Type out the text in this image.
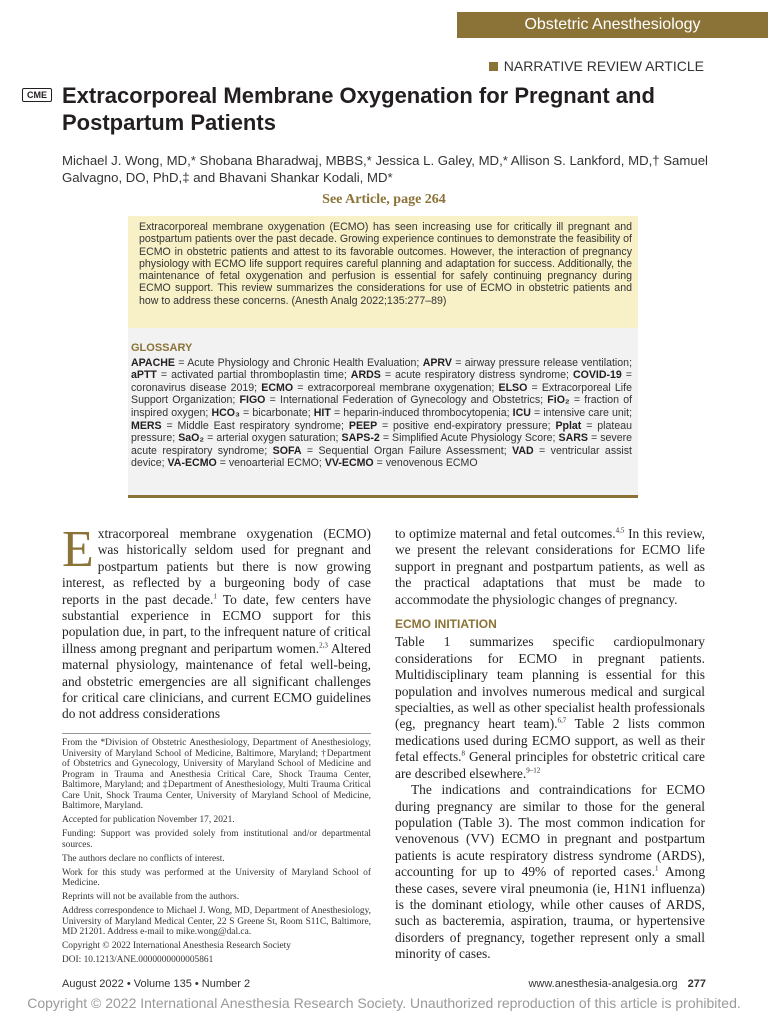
Obstetric Anesthesiology
NARRATIVE REVIEW ARTICLE
CME Extracorporeal Membrane Oxygenation for Pregnant and Postpartum Patients
Michael J. Wong, MD,* Shobana Bharadwaj, MBBS,* Jessica L. Galey, MD,* Allison S. Lankford, MD,† Samuel Galvagno, DO, PhD,‡ and Bhavani Shankar Kodali, MD*
See Article, page 264
Extracorporeal membrane oxygenation (ECMO) has seen increasing use for critically ill pregnant and postpartum patients over the past decade. Growing experience continues to demonstrate the feasibility of ECMO in obstetric patients and attest to its favorable outcomes. However, the interaction of pregnancy physiology with ECMO life support requires careful planning and adaptation for success. Additionally, the maintenance of fetal oxygenation and perfusion is essential for safely continuing pregnancy during ECMO support. This review summarizes the considerations for use of ECMO in obstetric patients and how to address these concerns. (Anesth Analg 2022;135:277–89)
GLOSSARY
APACHE = Acute Physiology and Chronic Health Evaluation; APRV = airway pressure release ventilation; aPTT = activated partial thromboplastin time; ARDS = acute respiratory distress syndrome; COVID-19 = coronavirus disease 2019; ECMO = extracorporeal membrane oxygenation; ELSO = Extracorporeal Life Support Organization; FIGO = International Federation of Gynecology and Obstetrics; FiO₂ = fraction of inspired oxygen; HCO₃ = bicarbonate; HIT = heparin-induced thrombocytopenia; ICU = intensive care unit; MERS = Middle East respiratory syndrome; PEEP = positive end-expiratory pressure; Pplat = plateau pressure; SaO₂ = arterial oxygen saturation; SAPS-2 = Simplified Acute Physiology Score; SARS = severe acute respiratory syndrome; SOFA = Sequential Organ Failure Assessment; VAD = ventricular assist device; VA-ECMO = venoarterial ECMO; VV-ECMO = venovenous ECMO

Extracorporeal membrane oxygenation (ECMO) was historically seldom used for pregnant and postpartum patients but there is now growing interest, as reflected by a burgeoning body of case reports in the past decade.$^1$ To date, few centers have substantial experience in ECMO support for this population due, in part, to the infrequent nature of critical illness among pregnant and peripartum women.$^{2,3}$ Altered maternal physiology, maintenance of fetal well-being, and obstetric emergencies are all significant challenges for critical care clinicians, and current ECMO guidelines do not address considerations

to optimize maternal and fetal outcomes.$^{4,5}$ In this review, we present the relevant considerations for ECMO life support in pregnant and postpartum patients, as well as the practical adaptations that must be made to accommodate the physiologic changes of pregnancy.

ECMO INITIATION

Table 1 summarizes specific cardiopulmonary considerations for ECMO in pregnant patients. Multidisciplinary team planning is essential for this population and involves numerous medical and surgical specialties, as well as other specialist health professionals (eg, pregnancy heart team).$^{6,7}$ Table 2 lists common medications used during ECMO support, as well as their fetal effects.$^8$ General principles for obstetric critical care are described elsewhere.$^{9-12}$

The indications and contraindications for ECMO during pregnancy are similar to those for the general population (Table 3). The most common indication for venovenous (VV) ECMO in pregnant and postpartum patients is acute respiratory distress syndrome (ARDS), accounting for up to 49% of reported cases.$^1$ Among these cases, severe viral pneumonia (ie, H1N1 influenza) is the dominant etiology, while other causes of ARDS, such as bacteremia, aspiration, trauma, or hypertensive disorders of pregnancy, together represent only a small minority of cases.

From the *Division of Obstetric Anesthesiology, Department of Anesthesiology, University of Maryland School of Medicine, Baltimore, Maryland; †Department of Obstetrics and Gynecology, University of Maryland School of Medicine and Program in Trauma and Anesthesia Critical Care, Shock Trauma Center, Baltimore, Maryland; and ‡Department of Anesthesiology, Multi Trauma Critical Care Unit, Shock Trauma Center, University of Maryland School of Medicine, Baltimore, Maryland.

Accepted for publication November 17, 2021.

Funding: Support was provided solely from institutional and/or departmental sources.

The authors declare no conflicts of interest.

Work for this study was performed at the University of Maryland School of Medicine.

Reprints will not be available from the authors.

Address correspondence to Michael J. Wong, MD, Department of Anesthesiology, University of Maryland Medical Center, 22 S Greene St, Room S11C, Baltimore, MD 21201. Address e-mail to mike.wong@dal.ca.

Copyright © 2022 International Anesthesia Research Society

DOI: 10.1213/ANE.0000000000005861

August 2022 • Volume 135 • Number 2	www.anesthesia-analgesia.org 277
Copyright © 2022 International Anesthesia Research Society. Unauthorized reproduction of this article is prohibited.
